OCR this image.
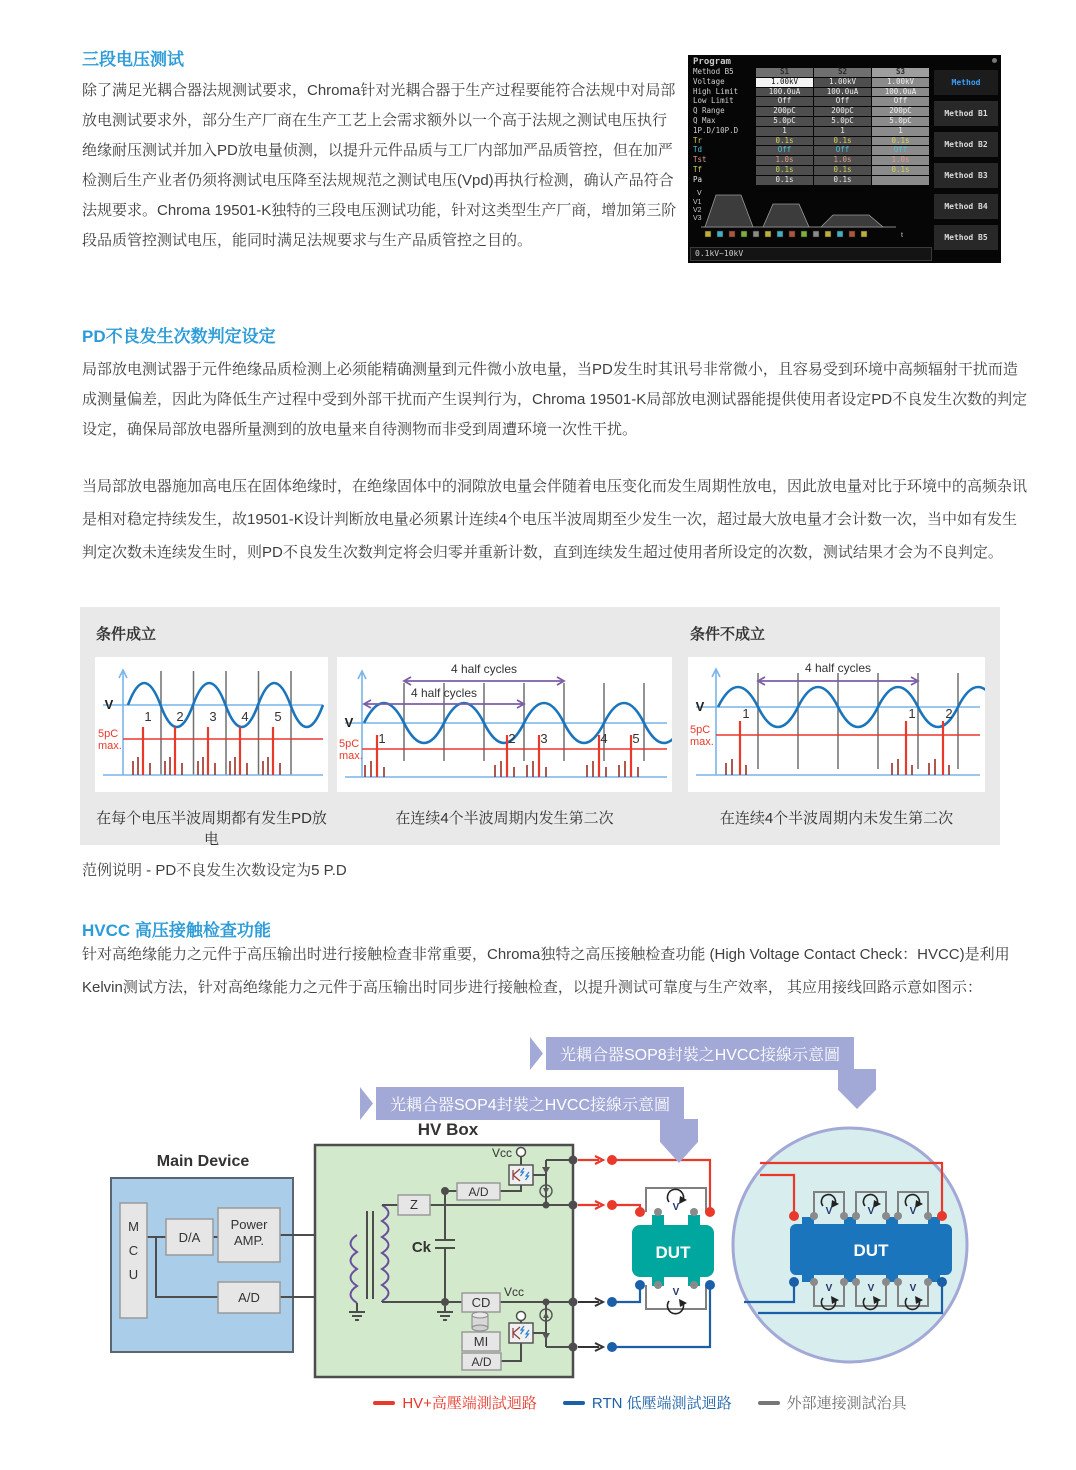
三段电压测试
除了满足光耦合器法规测试要求，Chroma针对光耦合器于生产过程要能符合法规中对局部放电测试要求外，部分生产厂商在生产工艺上会需求额外以一个高于法规之测试电压执行绝缘耐压测试并加入PD放电量侦测，以提升元件品质与工厂内部加严品质管控，但在加严检测后生产业者仍须将测试电压降至法规规范之测试电压(Vpd)再执行检测，确认产品符合法规要求。Chroma 19501-K独特的三段电压测试功能，针对这类型生产厂商，增加第三阶段品质管控测试电压，能同时满足法规要求与生产品质管控之目的。
Program
Method B5	S1	S2	S3
Voltage	1.00kV	1.00kV	1.00kV
High Limit	100.0uA	100.0uA	100.0uA
Low Limit	Off	Off	Off
Q Range	200pC	200pC	200pC
Q Max	5.0pC	5.0pC	5.0pC
1P.D/10P.D	1	1	1
Tr	0.1s	0.1s	0.1s
Td	Off	Off	Off
Tst	1.0s	1.0s	1.0s
Tf	0.1s	0.1s	0.1s
Pa	0.1s	0.1s
V
V1
V2
V3
t
0.1kV~10kV
Method
Method B1
Method B2
Method B3
Method B4
Method B5
PD不良发生次数判定设定
局部放电测试器于元件绝缘品质检测上必须能精确测量到元件微小放电量，当PD发生时其讯号非常微小，且容易受到环境中高频辐射干扰而造成测量偏差，因此为降低生产过程中受到外部干扰而产生误判行为，Chroma 19501-K局部放电测试器能提供使用者设定PD不良发生次数的判定设定，确保局部放电器所量测到的放电量来自待测物而非受到周遭环境一次性干扰。
当局部放电器施加高电压在固体绝缘时，在绝缘固体中的洞隙放电量会伴随着电压变化而发生周期性放电，因此放电量对比于环境中的高频杂讯是相对稳定持续发生，故19501-K设计判断放电量必须累计连续4个电压半波周期至少发生一次，超过最大放电量才会计数一次，当中如有发生判定次数未连续发生时，则PD不良发生次数判定将会归零并重新计数，直到连续发生超过使用者所设定的次数，测试结果才会为不良判定。
条件成立	条件不成立
1 2 3 4 5
V
5pC
max.
4 half cycles
4 half cycles
1	2 3	4 5
V
5pC
max.
4 half cycles
1	1 2
V
5pC
max.
在每个电压半波周期都有发生PD放电
在连续4个半波周期内发生第二次	在连续4个半波周期内未发生第二次
范例说明 - PD不良发生次数设定为5 P.D
HVCC 高压接触检查功能
针对高绝缘能力之元件于高压输出时进行接触检查非常重要，Chroma独特之高压接触检查功能 (High Voltage Contact Check：HVCC)是利用Kelvin测试方法，针对高绝缘能力之元件于高压输出时同步进行接触检查，以提升测试可靠度与生产效率， 其应用接线回路示意如图示：
光耦合器SOP8封裝之HVCC接線示意圖
光耦合器SOP4封裝之HVCC接線示意圖
Main Device
M
C
U
D/A
Power
AMP.
A/D
HV Box
Z
Ck
A/D
Vcc
CD
MI
A/D
Vcc
V
V
DUT
V	V	V
V	V	V
DUT
HV+高壓端測試迴路	RTN 低壓端測試迴路	外部連接測試治具
